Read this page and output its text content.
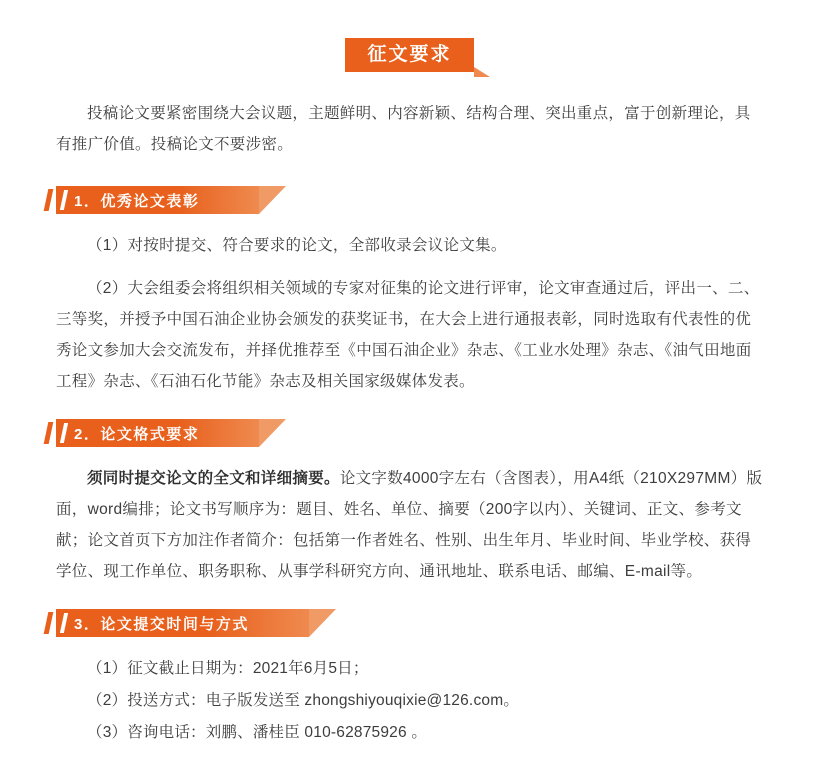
征文要求
投稿论文要紧密围绕大会议题，主题鲜明、内容新颖、结构合理、突出重点，富于创新理论，具有推广价值。投稿论文不要涉密。
1．优秀论文表彰
（1）对按时提交、符合要求的论文，全部收录会议论文集。
（2）大会组委会将组织相关领域的专家对征集的论文进行评审，论文审查通过后，评出一、二、三等奖，并授予中国石油企业协会颁发的获奖证书，在大会上进行通报表彰，同时选取有代表性的优秀论文参加大会交流发布，并择优推荐至《中国石油企业》杂志、《工业水处理》杂志、《油气田地面工程》杂志、《石油石化节能》杂志及相关国家级媒体发表。
2．论文格式要求
须同时提交论文的全文和详细摘要。论文字数4000字左右（含图表），用A4纸（210X297MM）版面，word编排；论文书写顺序为：题目、姓名、单位、摘要（200字以内）、关键词、正文、参考文献；论文首页下方加注作者简介：包括第一作者姓名、性别、出生年月、毕业时间、毕业学校、获得学位、现工作单位、职务职称、从事学科研究方向、通讯地址、联系电话、邮编、E-mail等。
3．论文提交时间与方式
（1）征文截止日期为：2021年6月5日；
（2）投送方式：电子版发送至 zhongshiyouqixie@126.com。
（3）咨询电话：刘鹏、潘桂臣 010-62875926 。
